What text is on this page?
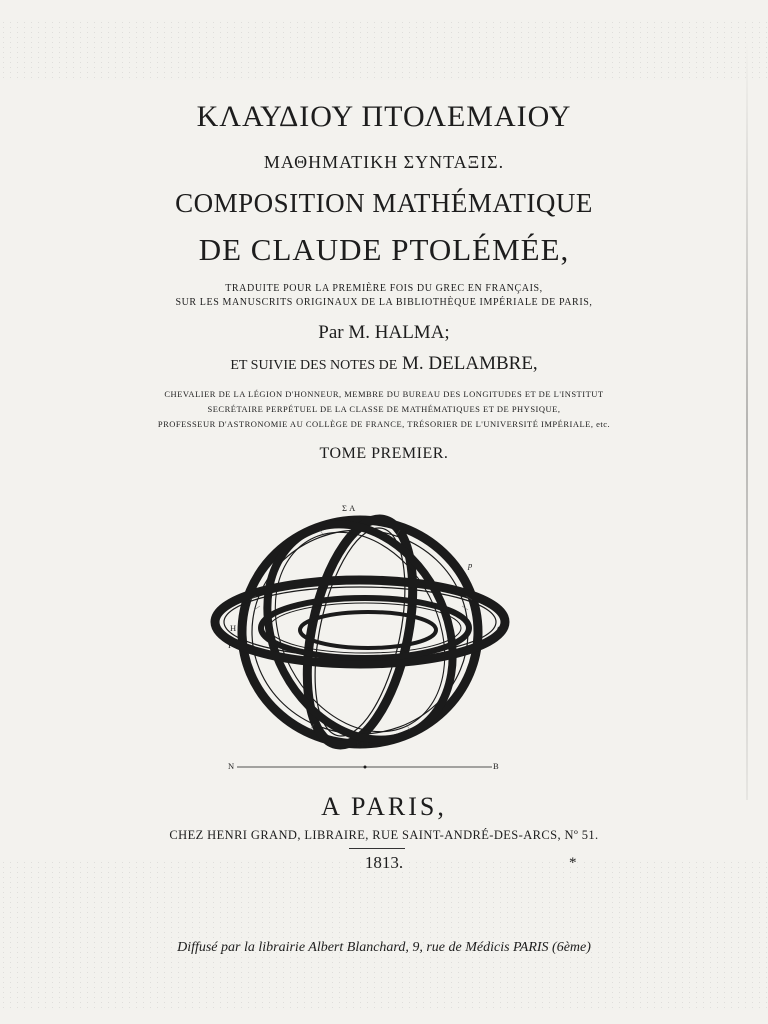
ΚΛΑΥΔΙΟΥ ΠΤΟΛΕΜΑΙΟΥ
ΜΑΘΗΜΑΤΙΚΗ ΣΥΝΤΑΞΙΣ.
COMPOSITION MATHÉMATIQUE
DE CLAUDE PTOLÉMÉE,
TRADUITE POUR LA PREMIÈRE FOIS DU GREC EN FRANÇAIS,
SUR LES MANUSCRITS ORIGINAUX DE LA BIBLIOTHÈQUE IMPÉRIALE DE PARIS,
Par M. HALMA;
ET SUIVIE DES NOTES DE M. DELAMBRE,
CHEVALIER DE LA LÉGION D'HONNEUR, MEMBRE DU BUREAU DES LONGITUDES ET DE L'INSTITUT
SECRÉTAIRE PERPÉTUEL DE LA CLASSE DE MATHÉMATIQUES ET DE PHYSIQUE,
PROFESSEUR D'ASTRONOMIE AU COLLÈGE DE FRANCE, TRÉSORIER DE L'UNIVERSITÉ IMPÉRIALE, etc.
TOME PREMIER.
Σ A
H
P
P
O
p
p
M I
N	B
A PARIS,
CHEZ HENRI GRAND, LIBRAIRE, RUE SAINT-ANDRÉ-DES-ARCS, Nº 51.
1813.	*
Diffusé par la librairie Albert Blanchard, 9, rue de Médicis PARIS (6ème)
